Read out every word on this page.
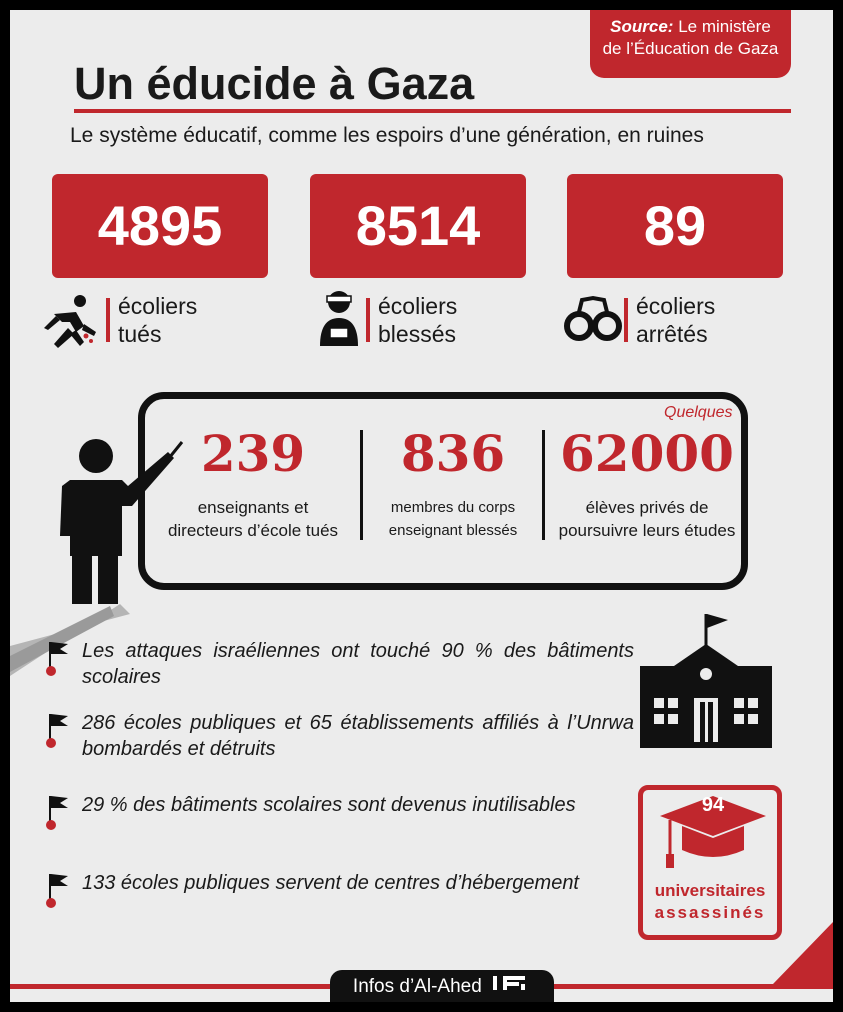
Source: Le ministère
de l’Éducation de Gaza
Un éducide à Gaza
Le système éducatif, comme les espoirs d’une génération, en ruines
4895	8514	89
écoliers
tués
écoliers
blessés
écoliers
arrêtés
239
enseignants et
directeurs d’école tués
836
membres du corps
enseignant blessés
Quelques
62000
élèves privés de
poursuivre leurs études
Les attaques israéliennes ont touché 90 % des bâtiments scolaires
286 écoles publiques et 65 établissements affiliés à l’Unrwa bombardés et détruits
29 % des bâtiments scolaires sont devenus inutilisables
133 écoles publiques servent de centres d’hébergement
94
universitaires
assassinés
Infos d’Al-Ahed
